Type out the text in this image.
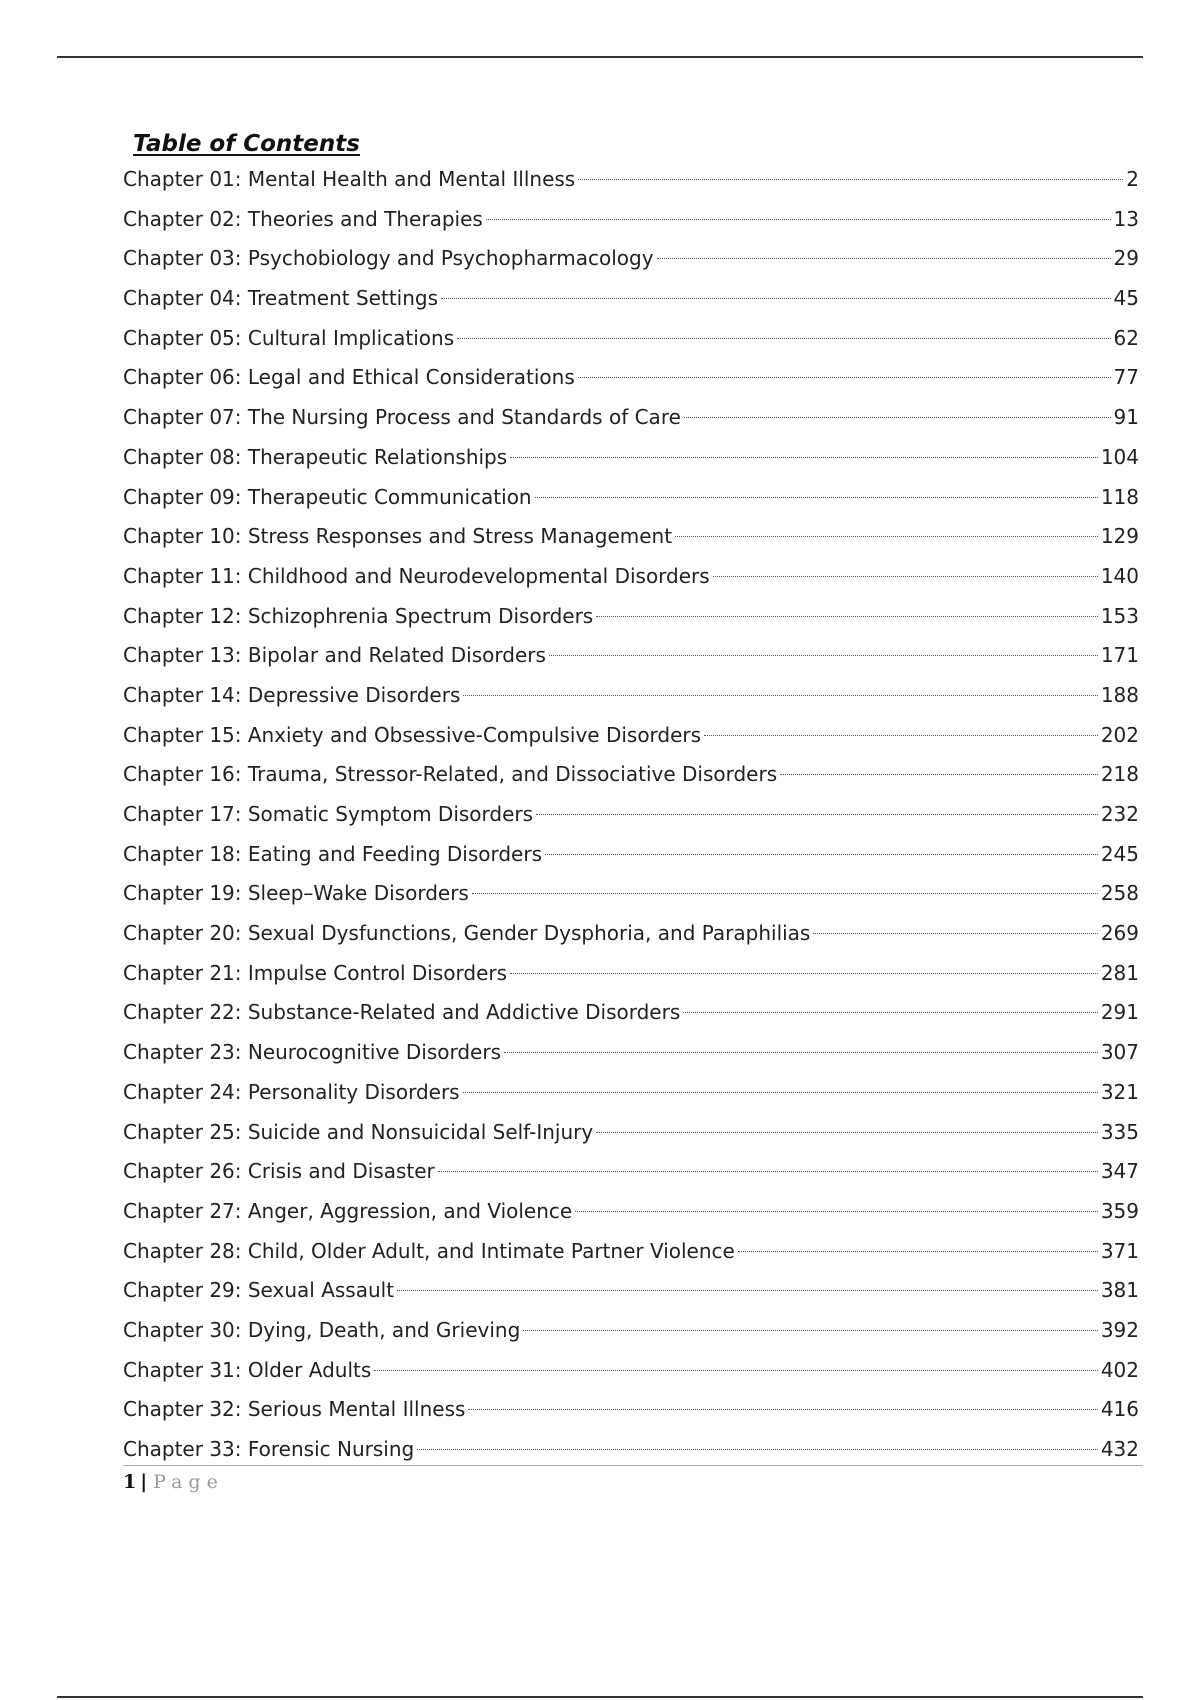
Table of Contents
Chapter 01: Mental Health and Mental Illness	2
Chapter 02: Theories and Therapies	13
Chapter 03: Psychobiology and Psychopharmacology	29
Chapter 04: Treatment Settings	45
Chapter 05: Cultural Implications	62
Chapter 06: Legal and Ethical Considerations	77
Chapter 07: The Nursing Process and Standards of Care	91
Chapter 08: Therapeutic Relationships	104
Chapter 09: Therapeutic Communication	118
Chapter 10: Stress Responses and Stress Management	129
Chapter 11: Childhood and Neurodevelopmental Disorders	140
Chapter 12: Schizophrenia Spectrum Disorders	153
Chapter 13: Bipolar and Related Disorders	171
Chapter 14: Depressive Disorders	188
Chapter 15: Anxiety and Obsessive-Compulsive Disorders	202
Chapter 16: Trauma, Stressor-Related, and Dissociative Disorders	218
Chapter 17: Somatic Symptom Disorders	232
Chapter 18: Eating and Feeding Disorders	245
Chapter 19: Sleep–Wake Disorders	258
Chapter 20: Sexual Dysfunctions, Gender Dysphoria, and Paraphilias	269
Chapter 21: Impulse Control Disorders	281
Chapter 22: Substance-Related and Addictive Disorders	291
Chapter 23: Neurocognitive Disorders	307
Chapter 24: Personality Disorders	321
Chapter 25: Suicide and Nonsuicidal Self-Injury	335
Chapter 26: Crisis and Disaster	347
Chapter 27: Anger, Aggression, and Violence	359
Chapter 28: Child, Older Adult, and Intimate Partner Violence	371
Chapter 29: Sexual Assault	381
Chapter 30: Dying, Death, and Grieving	392
Chapter 31: Older Adults	402
Chapter 32: Serious Mental Illness	416
Chapter 33: Forensic Nursing	432
1 | Page
